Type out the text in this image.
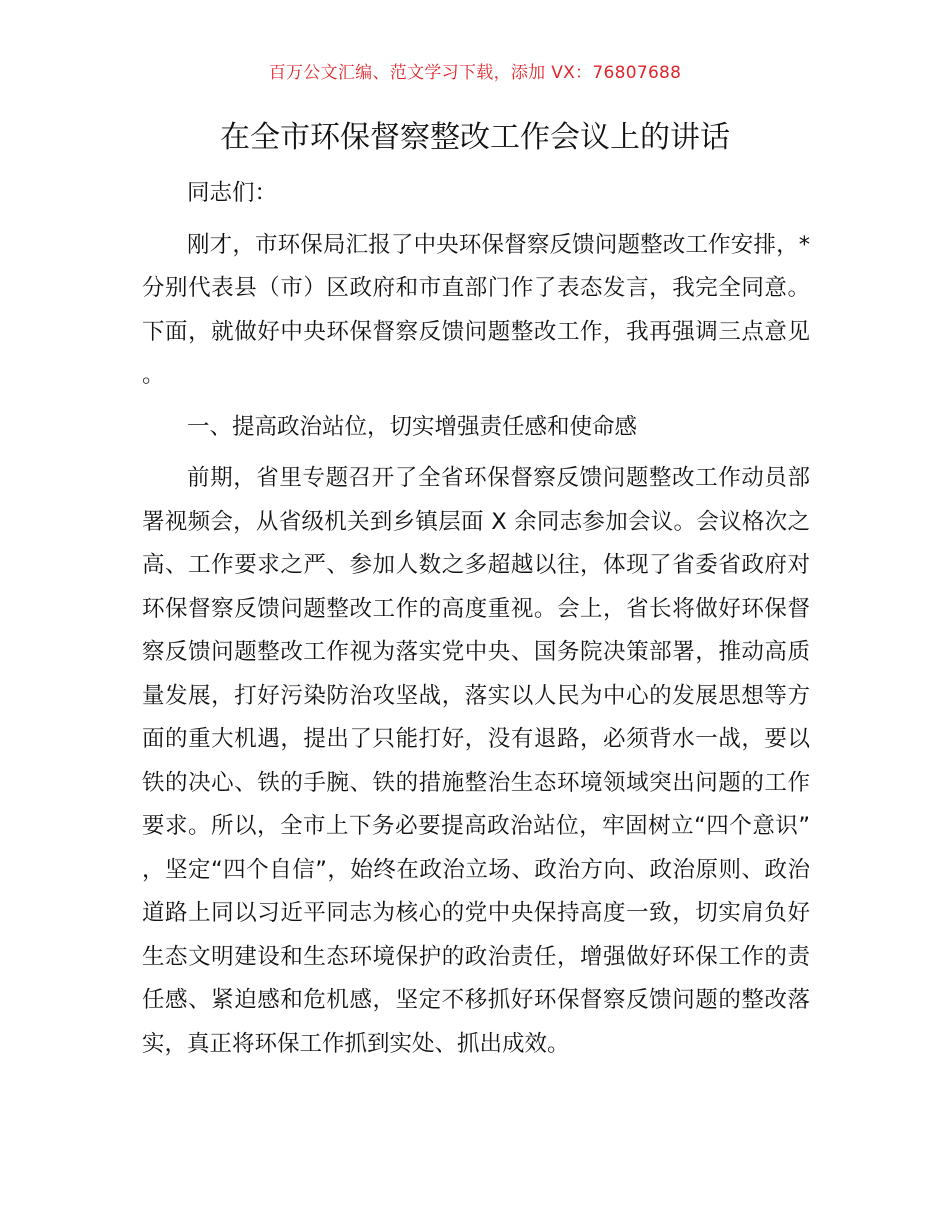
百万公文汇编、范文学习下载，添加 VX：76807688
在全市环保督察整改工作会议上的讲话

同志们：

刚才，市环保局汇报了中央环保督察反馈问题整改工作安排，*分别代表县（市）区政府和市直部门作了表态发言，我完全同意。下面，就做好中央环保督察反馈问题整改工作，我再强调三点意见。

一、提高政治站位，切实增强责任感和使命感

前期，省里专题召开了全省环保督察反馈问题整改工作动员部署视频会，从省级机关到乡镇层面 X 余同志参加会议。会议格次之高、工作要求之严、参加人数之多超越以往，体现了省委省政府对环保督察反馈问题整改工作的高度重视。会上，省长将做好环保督察反馈问题整改工作视为落实党中央、国务院决策部署，推动高质量发展，打好污染防治攻坚战，落实以人民为中心的发展思想等方面的重大机遇，提出了只能打好，没有退路，必须背水一战，要以铁的决心、铁的手腕、铁的措施整治生态环境领域突出问题的工作要求。所以，全市上下务必要提高政治站位，牢固树立“四个意识”，坚定“四个自信”，始终在政治立场、政治方向、政治原则、政治道路上同以习近平同志为核心的党中央保持高度一致，切实肩负好生态文明建设和生态环境保护的政治责任，增强做好环保工作的责任感、紧迫感和危机感，坚定不移抓好环保督察反馈问题的整改落实，真正将环保工作抓到实处、抓出成效。
